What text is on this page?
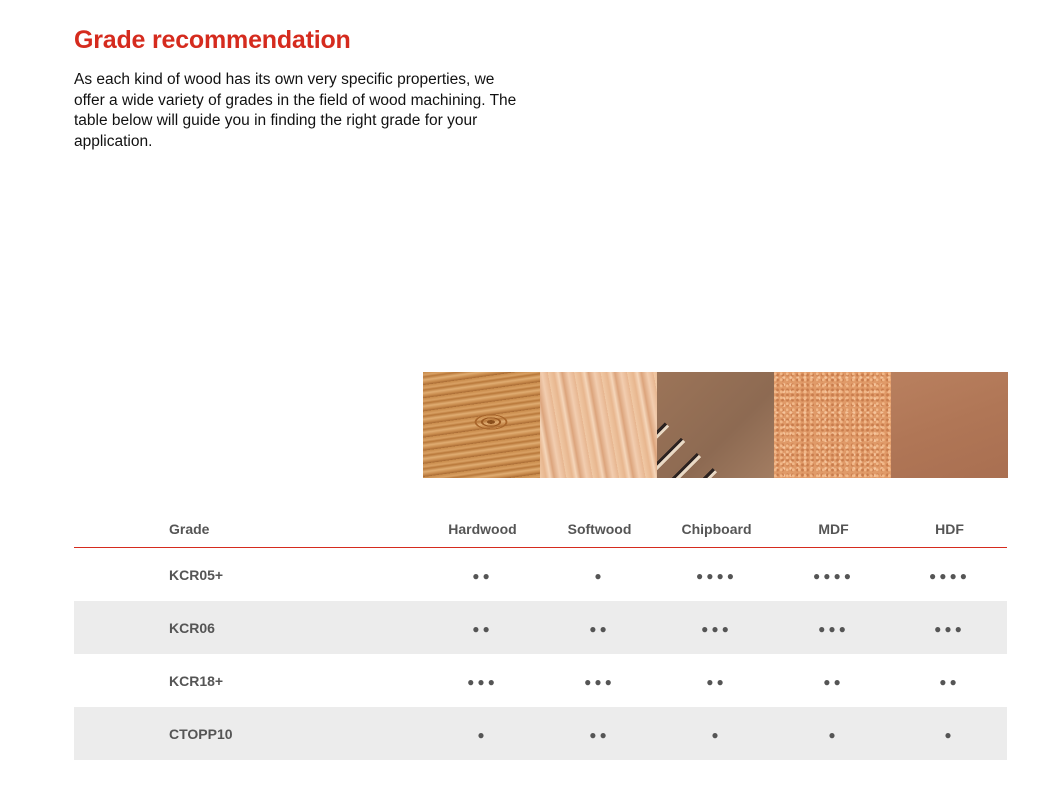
Grade recommendation

As each kind of wood has its own very specific properties, we offer a wide variety of grades in the field of wood machining. The table below will guide you in finding the right grade for your application.

Grade	Hardwood	Softwood	Chipboard	MDF	HDF
KCR05+	●●	●	●●●●	●●●●	●●●●
KCR06	●●	●●	●●●	●●●	●●●
KCR18+	●●●	●●●	●●	●●	●●
CTOPP10	●	●●	●	●	●
